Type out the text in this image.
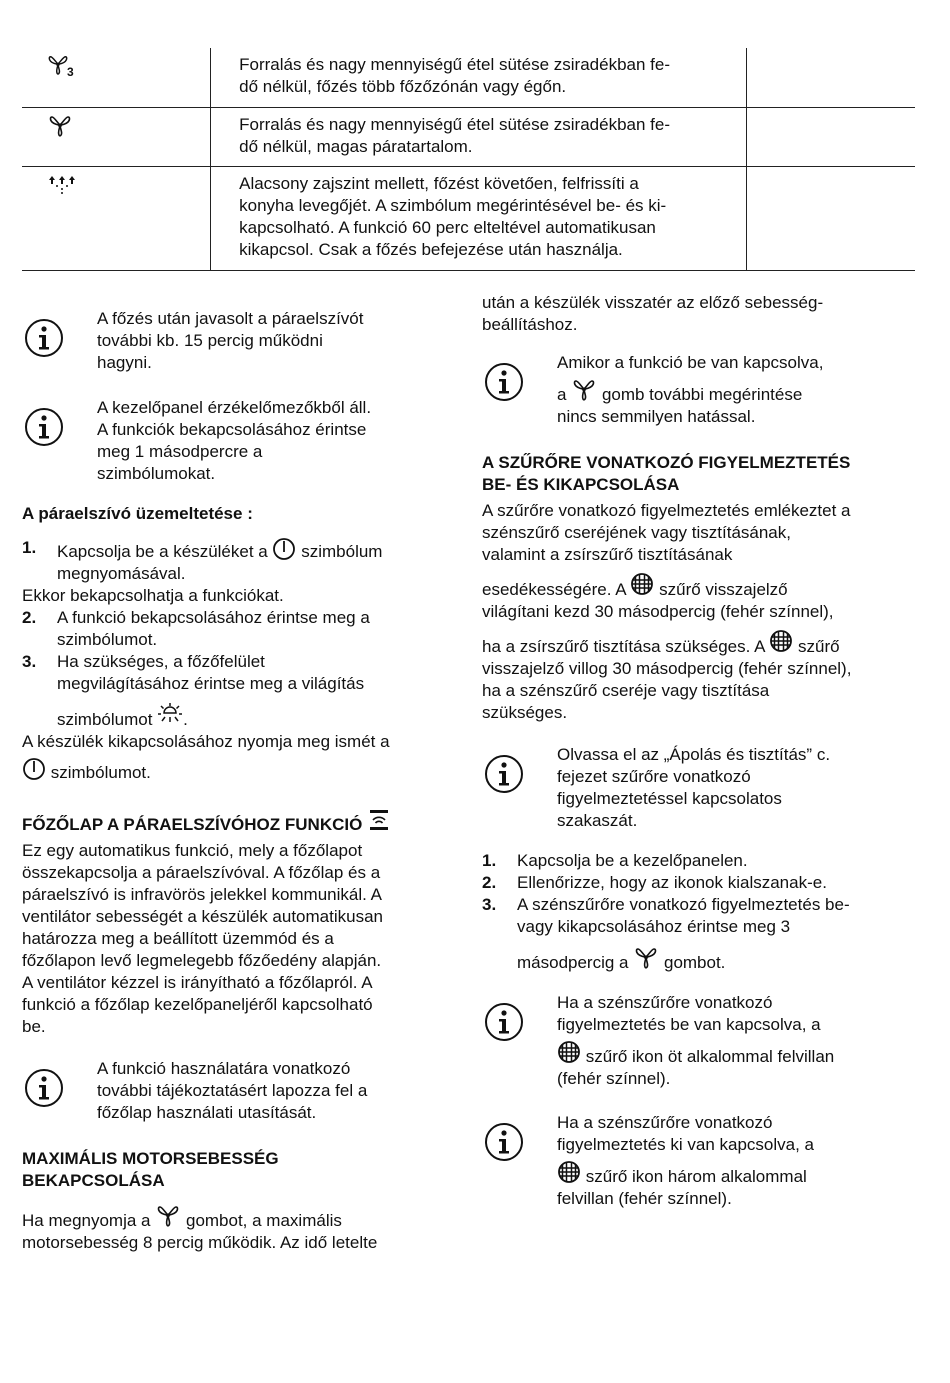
3	Forralás és nagy mennyiségű étel sütése zsiradékban fe-
dő nélkül, főzés több főzőzónán vagy égőn.	

Forralás és nagy mennyiségű étel sütése zsiradékban fe-
dő nélkül, magas páratartalom.	

Alacsony zajszint mellett, főzést követően, felfrissíti a
konyha levegőjét. A szimbólum megérintésével be- és ki-
kapcsolható. A funkció 60 perc elteltével automatikusan
kikapcsol. Csak a főzés befejezése után használja.	

A főzés után javasolt a páraelszívót
további kb. 15 percig működni
hagyni.
A kezelőpanel érzékelőmezőkből áll.
A funkciók bekapcsolásához érintse
meg 1 másodpercre a
szimbólumokat.
A páraelszívó üzemeltetése :
1. Kapcsolja be a készüléket a szimbólum
megnyomásával.
Ekkor bekapcsolhatja a funkciókat.
2. A funkció bekapcsolásához érintse meg a
szimbólumot.
3. Ha szükséges, a főzőfelület
megvilágításához érintse meg a világítás
szimbólumot .
A készülék kikapcsolásához nyomja meg ismét a
szimbólumot.
FŐZŐLAP A PÁRAELSZÍVÓHOZ FUNKCIÓ
Ez egy automatikus funkció, mely a főzőlapot
összekapcsolja a páraelszívóval. A főzőlap és a
páraelszívó is infravörös jelekkel kommunikál. A
ventilátor sebességét a készülék automatikusan
határozza meg a beállított üzemmód és a
főzőlapon levő legmelegebb főzőedény alapján.
A ventilátor kézzel is irányítható a főzőlapról. A
funkció a főzőlap kezelőpaneljéről kapcsolható
be.
A funkció használatára vonatkozó
további tájékoztatásért lapozza fel a
főzőlap használati utasítását.
MAXIMÁLIS MOTORSEBESSÉG
BEKAPCSOLÁSA
Ha megnyomja a gombot, a maximális
motorsebesség 8 percig működik. Az idő letelte
után a készülék visszatér az előző sebesség-
beállításhoz.
Amikor a funkció be van kapcsolva,
a gomb további megérintése
nincs semmilyen hatással.
A SZŰRŐRE VONATKOZÓ FIGYELMEZTETÉS
BE- ÉS KIKAPCSOLÁSA
A szűrőre vonatkozó figyelmeztetés emlékeztet a
szénszűrő cseréjének vagy tisztításának,
valamint a zsírszűrő tisztításának
esedékességére. A szűrő visszajelző
világítani kezd 30 másodpercig (fehér színnel),
ha a zsírszűrő tisztítása szükséges. A szűrő
visszajelző villog 30 másodpercig (fehér színnel),
ha a szénszűrő cseréje vagy tisztítása
szükséges.
Olvassa el az „Ápolás és tisztítás” c.
fejezet szűrőre vonatkozó
figyelmeztetéssel kapcsolatos
szakaszát.
1. Kapcsolja be a kezelőpanelen.
2. Ellenőrizze, hogy az ikonok kialszanak-e.
3. A szénszűrőre vonatkozó figyelmeztetés be-
vagy kikapcsolásához érintse meg 3
másodpercig a gombot.
Ha a szénszűrőre vonatkozó
figyelmeztetés be van kapcsolva, a
szűrő ikon öt alkalommal felvillan
(fehér színnel).
Ha a szénszűrőre vonatkozó
figyelmeztetés ki van kapcsolva, a
szűrő ikon három alkalommal
felvillan (fehér színnel).
